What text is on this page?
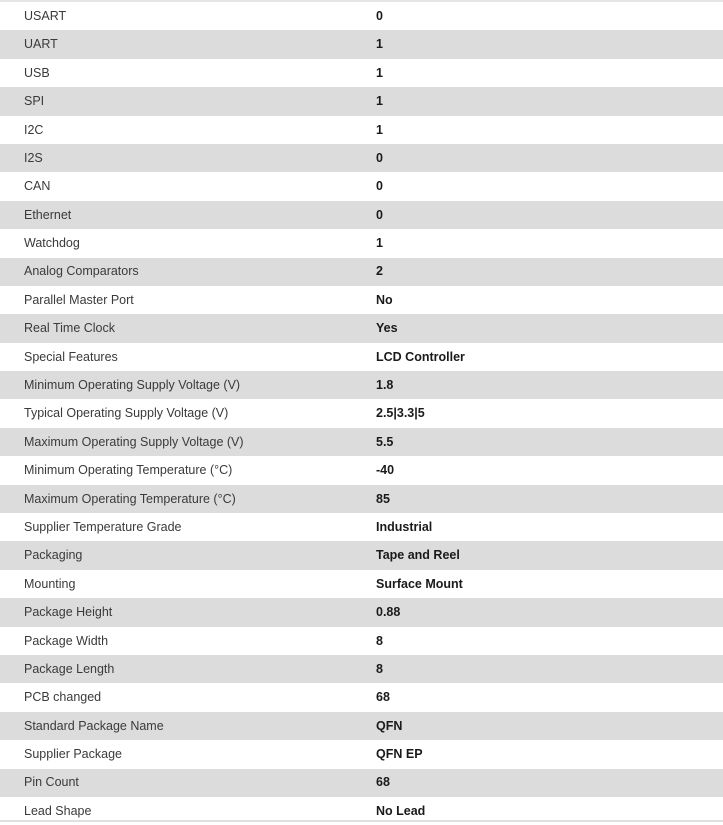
USART	0
UART	1
USB	1
SPI	1
I2C	1
I2S	0
CAN	0
Ethernet	0
Watchdog	1
Analog Comparators	2
Parallel Master Port	No
Real Time Clock	Yes
Special Features	LCD Controller
Minimum Operating Supply Voltage (V)	1.8
Typical Operating Supply Voltage (V)	2.5|3.3|5
Maximum Operating Supply Voltage (V)	5.5
Minimum Operating Temperature (°C)	-40
Maximum Operating Temperature (°C)	85
Supplier Temperature Grade	Industrial
Packaging	Tape and Reel
Mounting	Surface Mount
Package Height	0.88
Package Width	8
Package Length	8
PCB changed	68
Standard Package Name	QFN
Supplier Package	QFN EP
Pin Count	68
Lead Shape	No Lead
